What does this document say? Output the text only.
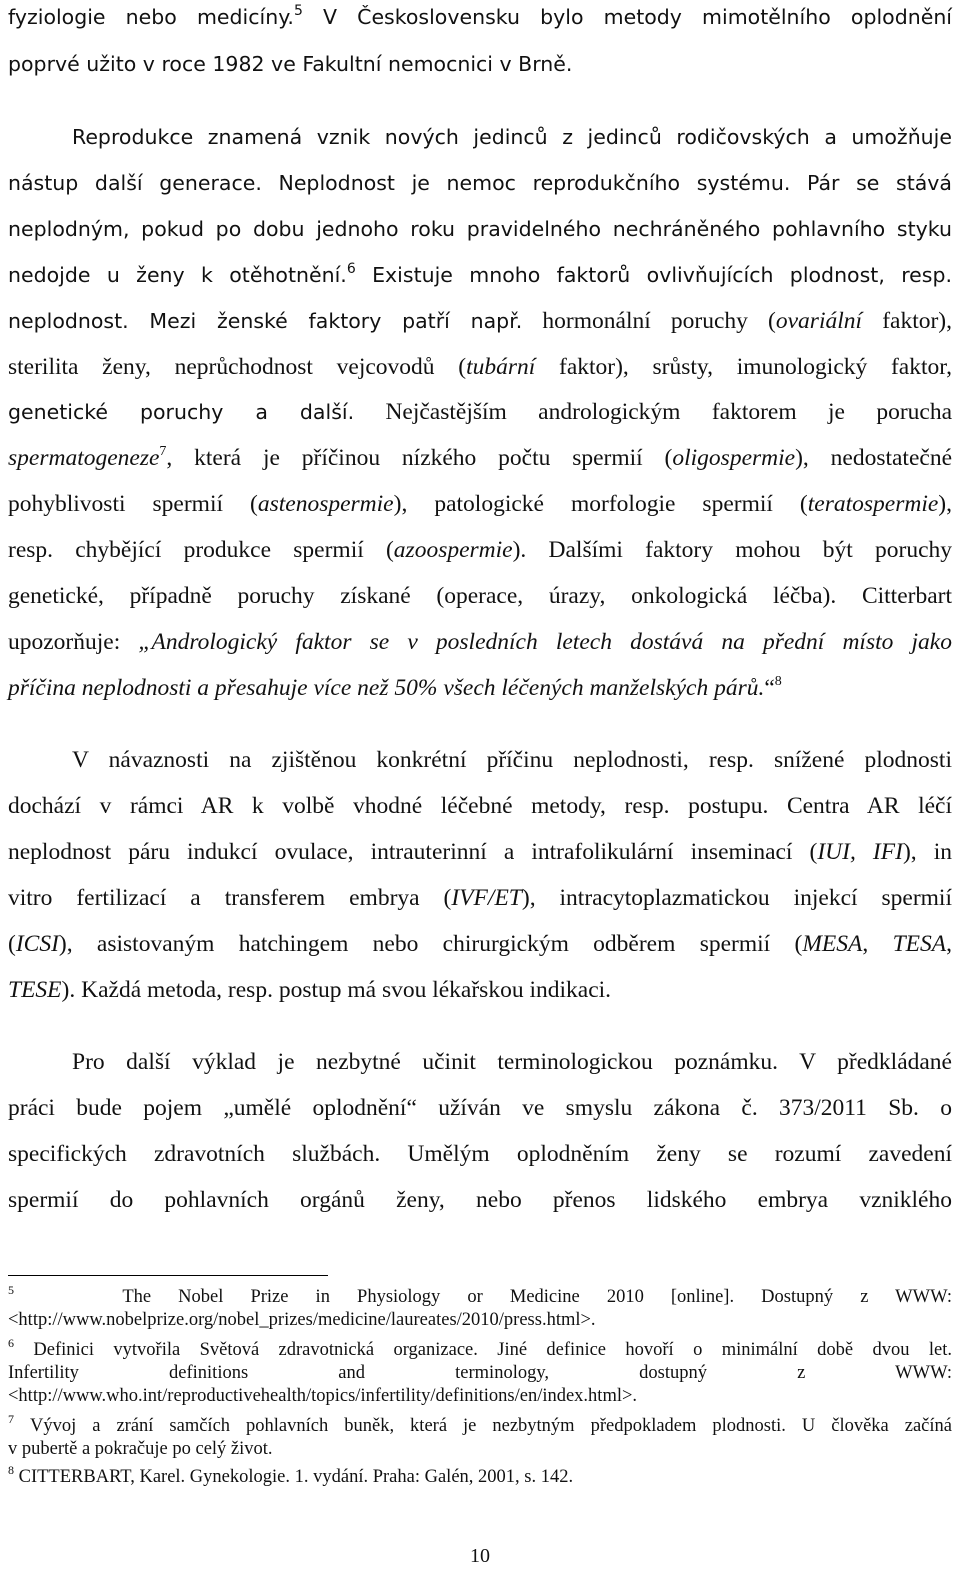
fyziologie nebo medicíny.$^5$ V Československu bylo metody mimotělního oplodnění
poprvé užito v roce 1982 ve Fakultní nemocnici v Brně.
Reprodukce znamená vznik nových jedinců z jedinců rodičovských a umožňuje
nástup další generace. Neplodnost je nemoc reprodukčního systému. Pár se stává
neplodným, pokud po dobu jednoho roku pravidelného nechráněného pohlavního styku
nedojde u ženy k otěhotnění.$^6$ Existuje mnoho faktorů ovlivňujících plodnost, resp.
neplodnost. Mezi ženské faktory patří např. hormonální poruchy (ovariální faktor),
sterilita ženy, neprůchodnost vejcovodů (tubární faktor), srůsty, imunologický faktor,
genetické poruchy a další. Nejčastějším andrologickým faktorem je porucha
spermatogeneze$^7$, která je příčinou nízkého počtu spermií (oligospermie), nedostatečné
pohyblivosti spermií (astenospermie), patologické morfologie spermií (teratospermie),
resp. chybějící produkce spermií (azoospermie). Dalšími faktory mohou být poruchy
genetické, případně poruchy získané (operace, úrazy, onkologická léčba). Citterbart
upozorňuje: „Andrologický faktor se v posledních letech dostává na přední místo jako
příčina neplodnosti a přesahuje více než 50% všech léčených manželských párů.“$^8$
V návaznosti na zjištěnou konkrétní příčinu neplodnosti, resp. snížené plodnosti
dochází v rámci AR k volbě vhodné léčebné metody, resp. postupu. Centra AR léčí
neplodnost páru indukcí ovulace, intrauterinní a intrafolikulární inseminací (IUI, IFI), in
vitro fertilizací a transferem embrya (IVF/ET), intracytoplazmatickou injekcí spermií
(ICSI), asistovaným hatchingem nebo chirurgickým odběrem spermií (MESA, TESA,
TESE). Každá metoda, resp. postup má svou lékařskou indikaci.
Pro další výklad je nezbytné učinit terminologickou poznámku. V předkládané
práci bude pojem „umělé oplodnění“ užíván ve smyslu zákona č. 373/2011 Sb. o
specifických zdravotních službách. Umělým oplodněním ženy se rozumí zavedení
spermií do pohlavních orgánů ženy, nebo přenos lidského embrya vzniklého
$^5$	The Nobel Prize in Physiology or Medicine 2010 [online]. Dostupný z WWW:
<http://www.nobelprize.org/nobel_prizes/medicine/laureates/2010/press.html>.
$^6$ Definici vytvořila Světová zdravotnická organizace. Jiné definice hovoří o minimální době dvou let.
Infertility definitions and terminology, dostupný z WWW:
<http://www.who.int/reproductivehealth/topics/infertility/definitions/en/index.html>.
$^7$ Vývoj a zrání samčích pohlavních buněk, která je nezbytným předpokladem plodnosti. U člověka začíná
v pubertě a pokračuje po celý život.
$^8$ CITTERBART, Karel. Gynekologie. 1. vydání. Praha: Galén, 2001, s. 142.
10
